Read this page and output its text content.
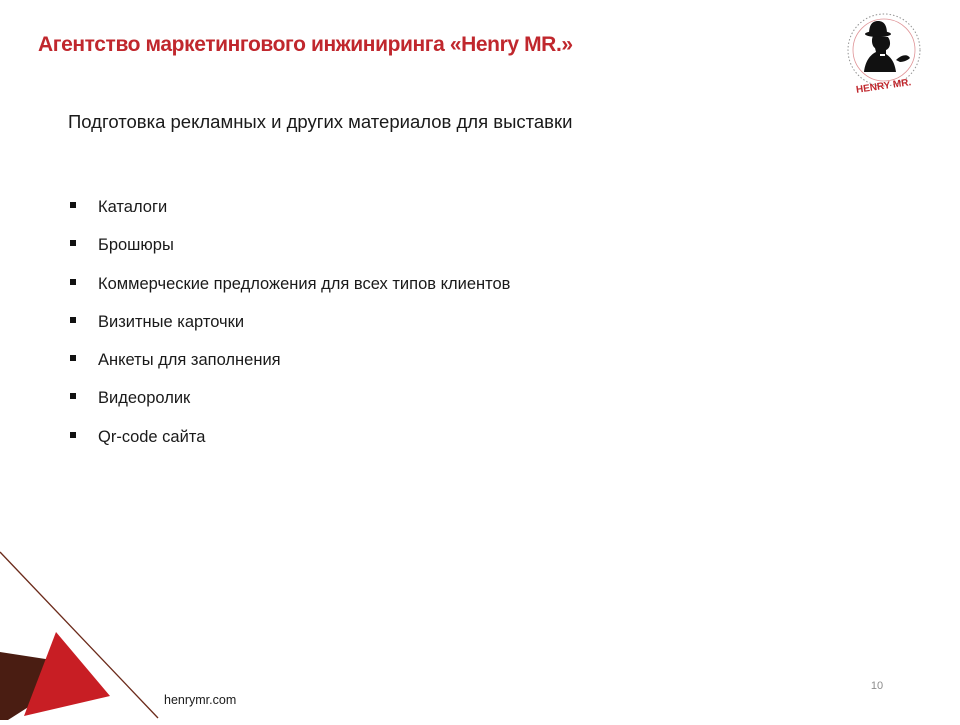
Агентство маркетингового инжиниринга «Henry MR.»
HENRY MR.
Подготовка рекламных и других материалов для выставки
Каталоги
Брошюры
Коммерческие предложения для всех типов клиентов
Визитные карточки
Анкеты для заполнения
Видеоролик
Qr-code сайта
henrymr.com
10
